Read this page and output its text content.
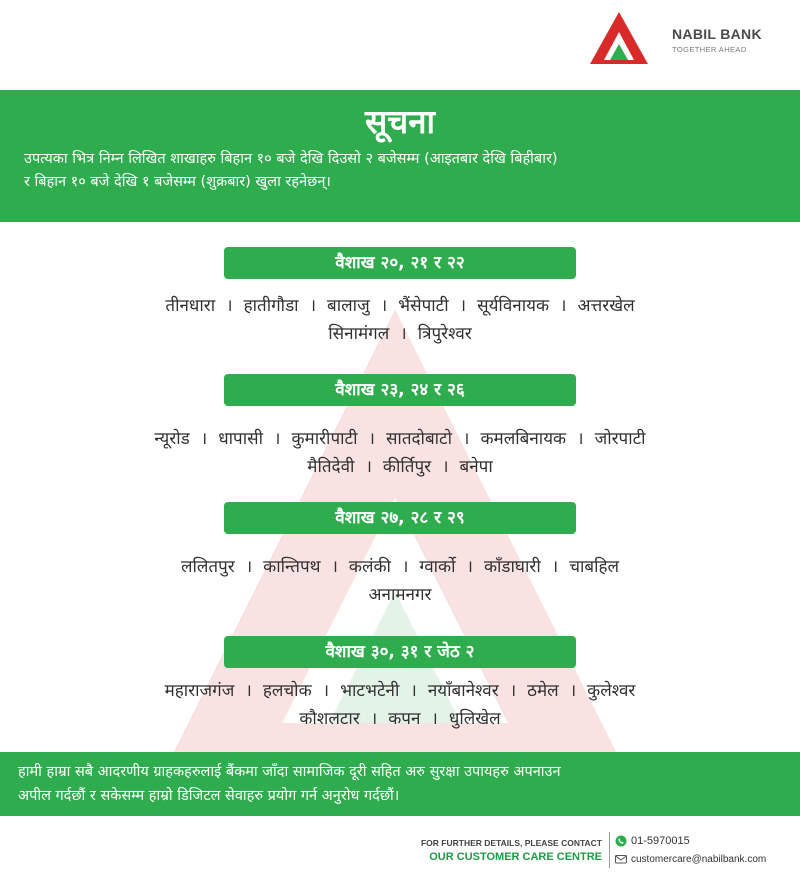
NABIL BANK
TOGETHER AHEAD
सूचना
उपत्यका भित्र निम्न लिखित शाखाहरु बिहान १० बजे देखि दिउसो २ बजेसम्म (आइतबार देखि बिहीबार)
र बिहान १० बजे देखि १ बजेसम्म (शुक्रबार) खुला रहनेछन्।
वैशाख २०, २१ र २२
तीनधारा । हातीगौडा । बालाजु । भैंसेपाटी । सूर्यविनायक । अत्तरखेल
सिनामंगल । त्रिपुरेश्वर
वैशाख २३, २४ र २६
न्यूरोड । धापासी । कुमारीपाटी । सातदोबाटो । कमलबिनायक । जोरपाटी
मैतिदेवी । कीर्तिपुर । बनेपा
वैशाख २७, २८ र २९
ललितपुर । कान्तिपथ । कलंकी । ग्वार्को । काँडाघारी । चाबहिल
अनामनगर
वैशाख ३०, ३१ र जेठ २
महाराजगंज । हलचोक । भाटभटेनी । नयाँबानेश्वर । ठमेल । कुलेश्वर
कौशलटार । कपन । धुलिखेल
हामी हाम्रा सबै आदरणीय ग्राहकहरुलाई बैंकमा जाँदा सामाजिक दूरी सहित अरु सुरक्षा उपायहरु अपनाउन
अपील गर्दछौं र सकेसम्म हाम्रो डिजिटल सेवाहरु प्रयोग गर्न अनुरोध गर्दछौं।
FOR FURTHER DETAILS, PLEASE CONTACT
OUR CUSTOMER CARE CENTRE
01-5970015
customercare@nabilbank.com
